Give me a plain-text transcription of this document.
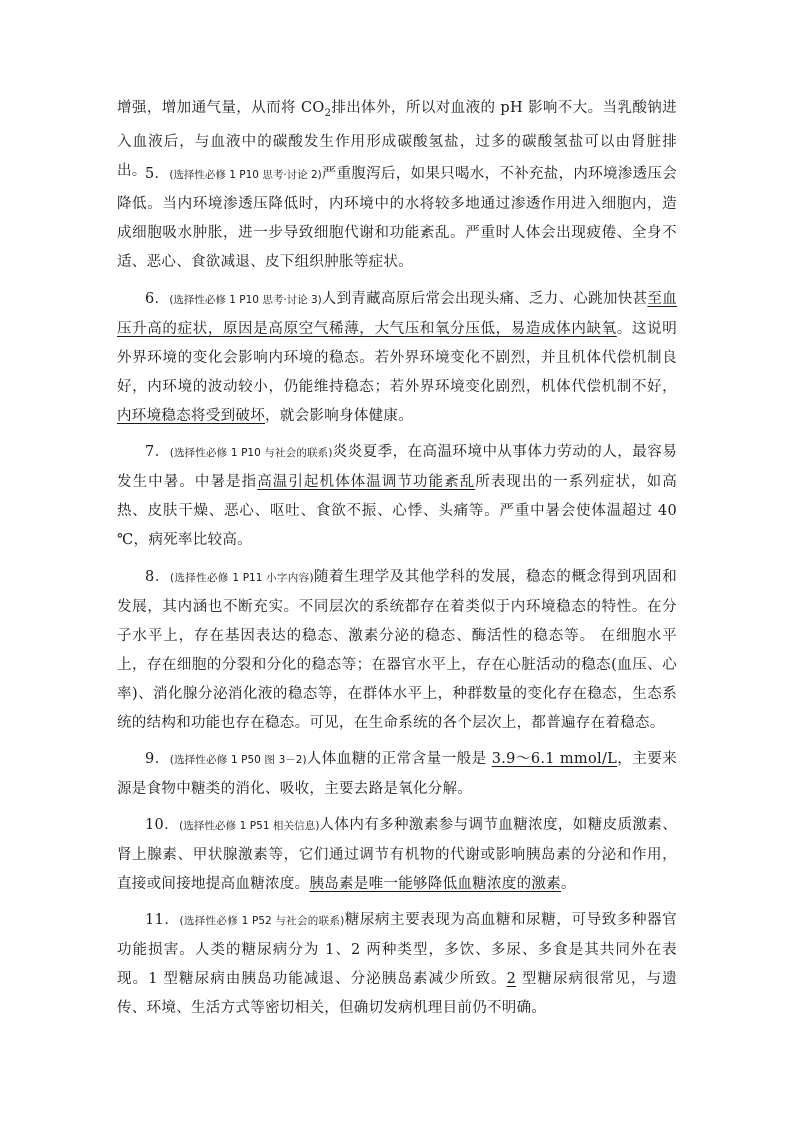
增强，增加通气量，从而将 $CO_2$排出体外，所以对血液的 pH 影响不大。当乳酸钠进入血液后，与血液中的碳酸发生作用形成碳酸氢盐，过多的碳酸氢盐可以由肾脏排出。
5．(选择性必修 1 P10 思考·讨论 2)严重腹泻后，如果只喝水，不补充盐，内环境渗透压会降低。当内环境渗透压降低时，内环境中的水将较多地通过渗透作用进入细胞内，造成细胞吸水肿胀，进一步导致细胞代谢和功能紊乱。严重时人体会出现疲倦、全身不适、恶心、食欲减退、皮下组织肿胀等症状。
6．(选择性必修 1 P10 思考·讨论 3)人到青藏高原后常会出现头痛、乏力、心跳加快甚至血压升高的症状，原因是高原空气稀薄，大气压和氧分压低，易造成体内缺氧。这说明外界环境的变化会影响内环境的稳态。若外界环境变化不剧烈，并且机体代偿机制良好，内环境的波动较小，仍能维持稳态；若外界环境变化剧烈，机体代偿机制不好，内环境稳态将受到破坏，就会影响身体健康。
7．(选择性必修 1 P10 与社会的联系)炎炎夏季，在高温环境中从事体力劳动的人，最容易发生中暑。中暑是指高温引起机体体温调节功能紊乱所表现出的一系列症状，如高热、皮肤干燥、恶心、呕吐、食欲不振、心悸、头痛等。严重中暑会使体温超过 40　℃，病死率比较高。
8．(选择性必修 1 P11 小字内容)随着生理学及其他学科的发展，稳态的概念得到巩固和发展，其内涵也不断充实。不同层次的系统都存在着类似于内环境稳态的特性。在分子水平上，存在基因表达的稳态、激素分泌的稳态、酶活性的稳态等。 在细胞水平上，存在细胞的分裂和分化的稳态等；在器官水平上，存在心脏活动的稳态(血压、心率)、消化腺分泌消化液的稳态等，在群体水平上，种群数量的变化存在稳态，生态系统的结构和功能也存在稳态。可见，在生命系统的各个层次上，都普遍存在着稳态。
9．(选择性必修 1 P50 图 3－2)人体血糖的正常含量一般是 3.9～6.1 mmol/L，主要来源是食物中糖类的消化、吸收，主要去路是氧化分解。
10．(选择性必修 1 P51 相关信息)人体内有多种激素参与调节血糖浓度，如糖皮质激素、肾上腺素、甲状腺激素等，它们通过调节有机物的代谢或影响胰岛素的分泌和作用，直接或间接地提高血糖浓度。胰岛素是唯一能够降低血糖浓度的激素。
11．(选择性必修 1 P52 与社会的联系)糖尿病主要表现为高血糖和尿糖，可导致多种器官功能损害。人类的糖尿病分为 1、2 两种类型，多饮、多尿、多食是其共同外在表现。1 型糖尿病由胰岛功能减退、分泌胰岛素减少所致。2 型糖尿病很常见，与遗传、环境、生活方式等密切相关，但确切发病机理目前仍不明确。
